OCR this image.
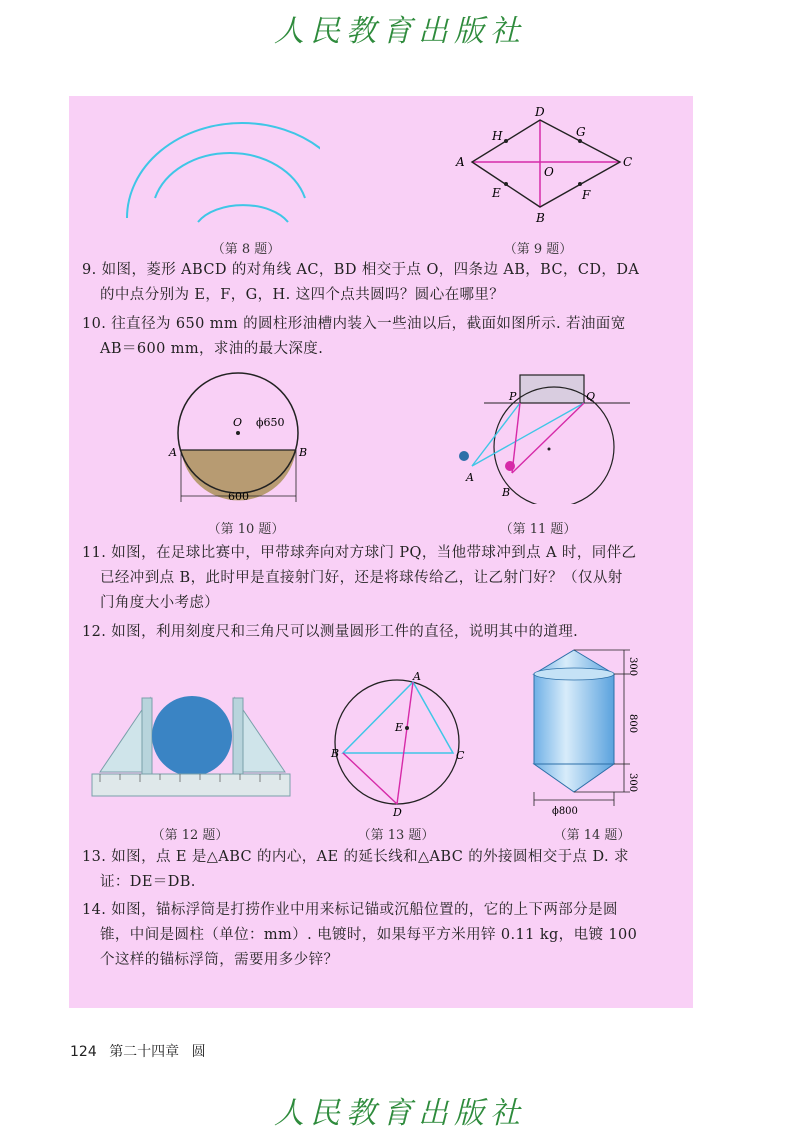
人民教育出版社
（第 8 题）
D
A	C
B
O
H	G
E	F
（第 9 题）
9. 如图，菱形 ABCD 的对角线 AC，BD 相交于点 O，四条边 AB，BC，CD，DA
的中点分别为 E，F，G，H. 这四个点共圆吗？圆心在哪里？
10. 往直径为 650 mm 的圆柱形油槽内装入一些油以后，截面如图所示. 若油面宽
AB＝600 mm，求油的最大深度.
O ϕ650
A	B
600
（第 10 题）
P	Q
A
B
（第 11 题）
11. 如图，在足球比赛中，甲带球奔向对方球门 PQ，当他带球冲到点 A 时，同伴乙
已经冲到点 B，此时甲是直接射门好，还是将球传给乙，让乙射门好？（仅从射
门角度大小考虑）
12. 如图，利用刻度尺和三角尺可以测量圆形工件的直径，说明其中的道理.
（第 12 题）
A
B	C
D
E
（第 13 题）
300
800
300
ϕ800
（第 14 题）
13. 如图，点 E 是△ABC 的内心，AE 的延长线和△ABC 的外接圆相交于点 D. 求
证：DE＝DB.
14. 如图，锚标浮筒是打捞作业中用来标记锚或沉船位置的，它的上下两部分是圆
锥，中间是圆柱（单位：mm）. 电镀时，如果每平方米用锌 0.11 kg，电镀 100
个这样的锚标浮筒，需要用多少锌？
124 第二十四章 圆
人民教育出版社
